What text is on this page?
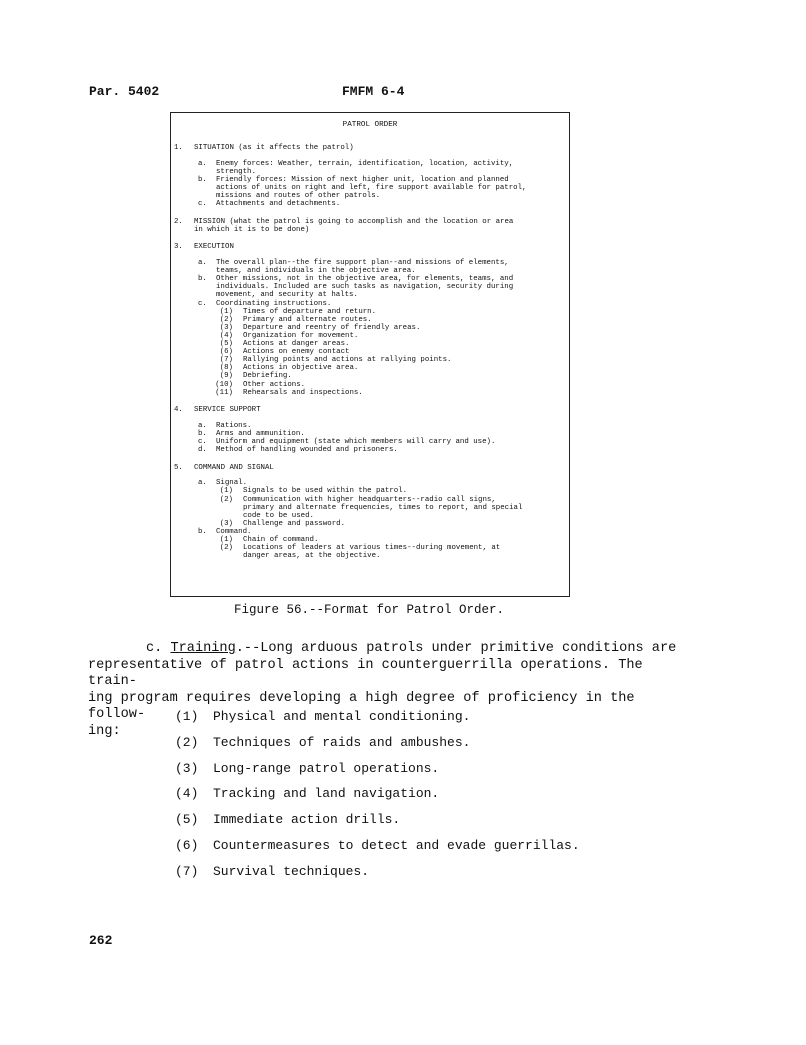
Par. 5402	FMFM 6-4
PATROL ORDER
1. SITUATION (as it affects the patrol)
a. Enemy forces: Weather, terrain, identification, location, activity,
strength.
b. Friendly forces: Mission of next higher unit, location and planned
actions of units on right and left, fire support available for patrol,
missions and routes of other patrols.
c. Attachments and detachments.
2. MISSION (what the patrol is going to accomplish and the location or area
in which it is to be done)
3. EXECUTION
a. The overall plan--the fire support plan--and missions of elements,
teams, and individuals in the objective area.
b. Other missions, not in the objective area, for elements, teams, and
individuals. Included are such tasks as navigation, security during
movement, and security at halts.
c. Coordinating instructions.
(1) Times of departure and return.
(2) Primary and alternate routes.
(3) Departure and reentry of friendly areas.
(4) Organization for movement.
(5) Actions at danger areas.
(6) Actions on enemy contact
(7) Rallying points and actions at rallying points.
(8) Actions in objective area.
(9) Debriefing.
(10) Other actions.
(11) Rehearsals and inspections.
4. SERVICE SUPPORT
a. Rations.
b. Arms and ammunition.
c. Uniform and equipment (state which members will carry and use).
d. Method of handling wounded and prisoners.
5. COMMAND AND SIGNAL
a. Signal.
(1) Signals to be used within the patrol.
(2) Communication with higher headquarters--radio call signs,
primary and alternate frequencies, times to report, and special
code to be used.
(3) Challenge and password.
b. Command.
(1) Chain of command.
(2) Locations of leaders at various times--during movement, at
danger areas, at the objective.
Figure 56.--Format for Patrol Order.
c. Training.--Long arduous patrols under primitive conditions are
representative of patrol actions in counterguerrilla operations. The train-
ing program requires developing a high degree of proficiency in the follow-
ing:
(1) Physical and mental conditioning.
(2) Techniques of raids and ambushes.
(3) Long-range patrol operations.
(4) Tracking and land navigation.
(5) Immediate action drills.
(6) Countermeasures to detect and evade guerrillas.
(7) Survival techniques.
262
